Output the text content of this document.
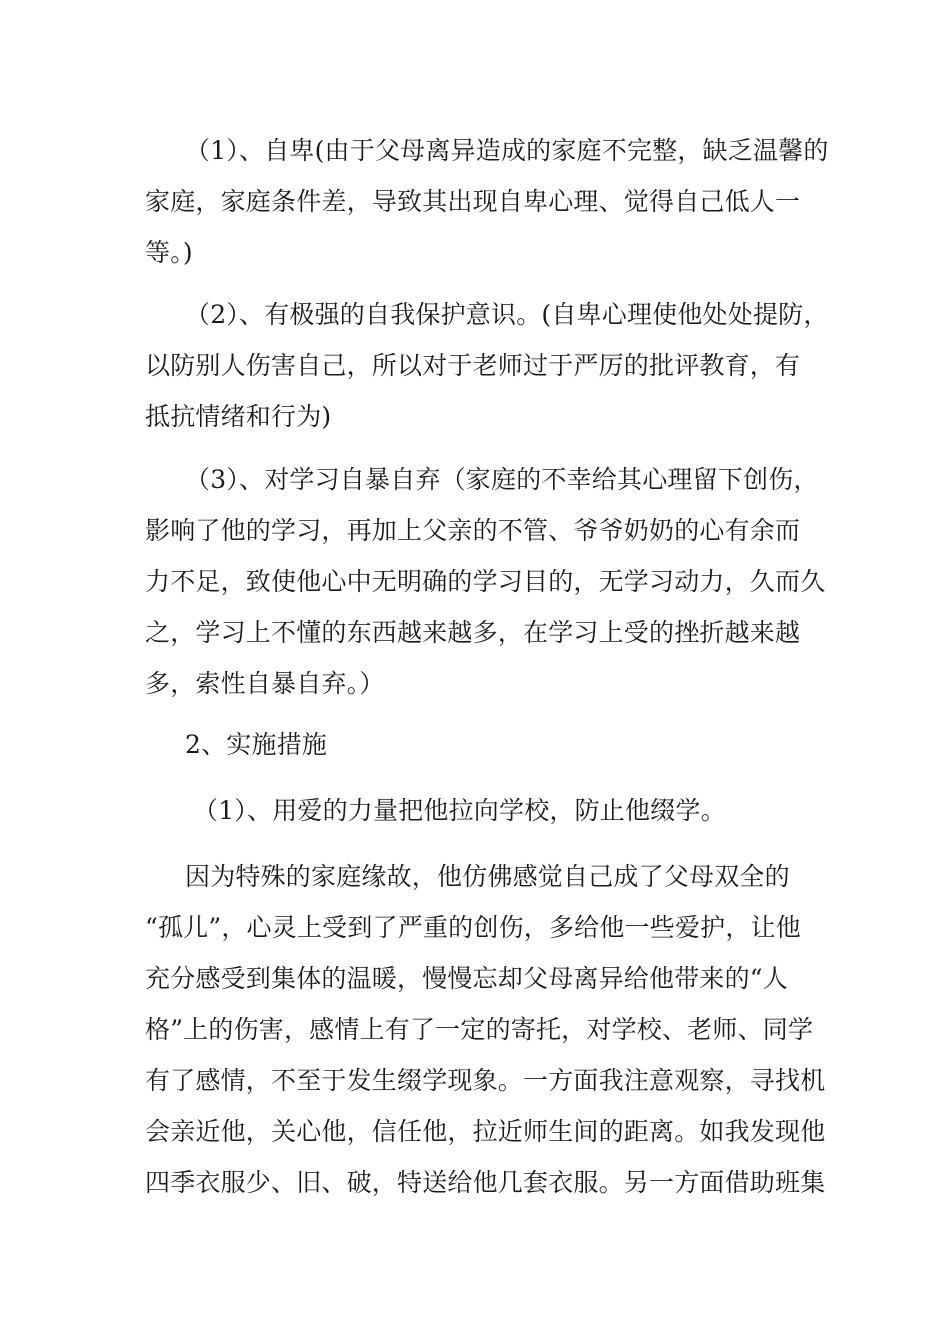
（1）、自卑(由于父母离异造成的家庭不完整，缺乏温馨的
家庭，家庭条件差，导致其出现自卑心理、觉得自己低人一
等。)
（2）、有极强的自我保护意识。(自卑心理使他处处提防，
以防别人伤害自己，所以对于老师过于严厉的批评教育，有
抵抗情绪和行为)
（3）、对学习自暴自弃（家庭的不幸给其心理留下创伤，
影响了他的学习，再加上父亲的不管、爷爷奶奶的心有余而
力不足，致使他心中无明确的学习目的，无学习动力，久而久
之，学习上不懂的东西越来越多，在学习上受的挫折越来越
多，索性自暴自弃。）
2、实施措施
（1）、用爱的力量把他拉向学校，防止他缀学。
因为特殊的家庭缘故，他仿佛感觉自己成了父母双全的
“孤儿”，心灵上受到了严重的创伤，多给他一些爱护，让他
充分感受到集体的温暖，慢慢忘却父母离异给他带来的“人
格”上的伤害，感情上有了一定的寄托，对学校、老师、同学
有了感情，不至于发生缀学现象。一方面我注意观察，寻找机
会亲近他，关心他，信任他，拉近师生间的距离。如我发现他
四季衣服少、旧、破，特送给他几套衣服。另一方面借助班集
